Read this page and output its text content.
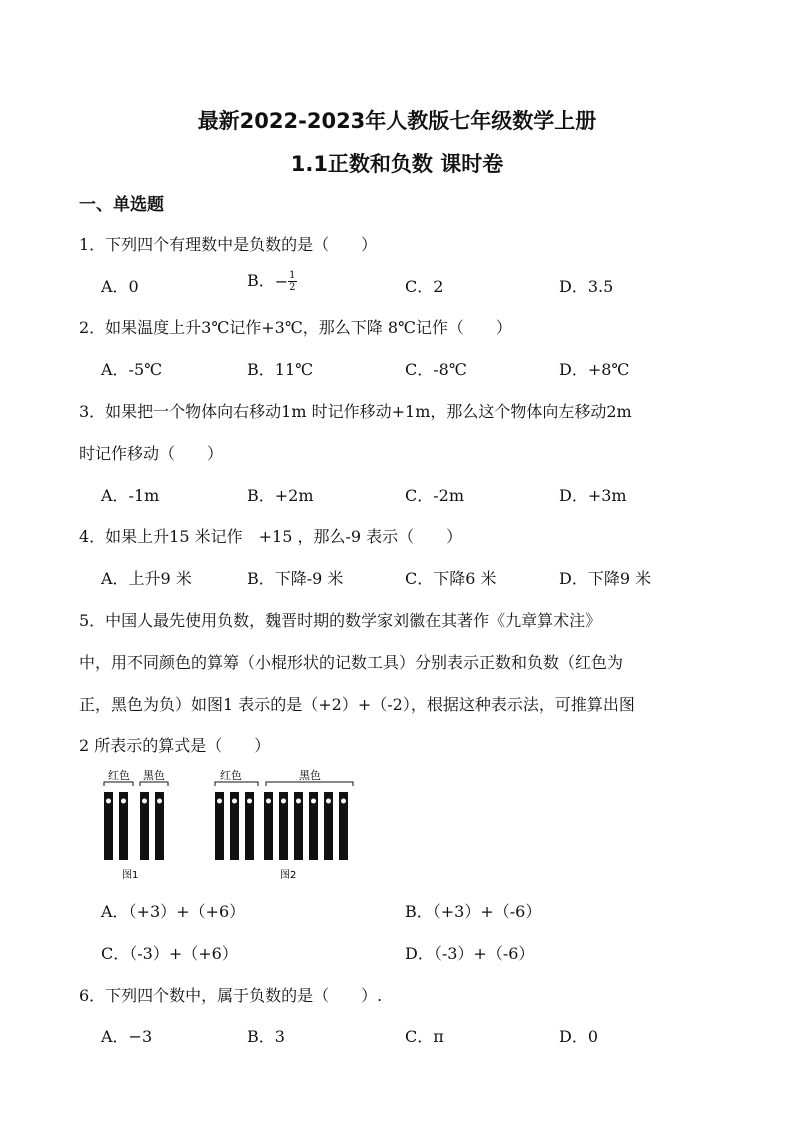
最新2022-2023年人教版七年级数学上册
1.1正数和负数 课时卷
一、单选题
1．下列四个有理数中是负数的是（　　）
A．0	B．− $\frac{1}{2}$	C．2	D．3.5
2．如果温度上升3℃记作+3℃，那么下降 8℃记作（　　）
A．-5℃	B．11℃	C．-8℃	D．+8℃
3．如果把一个物体向右移动1m 时记作移动+1m，那么这个物体向左移动2m
时记作移动（　　）
A．-1m	B．+2m	C．-2m	D．+3m
4．如果上升15 米记作　+15 ，那么-9 表示（　　）
A．上升9 米	B．下降-9 米	C．下降6 米	D．下降9 米
5．中国人最先使用负数，魏晋时期的数学家刘徽在其著作《九章算术注》
中，用不同颜色的算筹（小棍形状的记数工具）分别表示正数和负数（红色为
正，黑色为负）如图1 表示的是（+2）+（-2），根据这种表示法，可推算出图
2 所表示的算式是（　　）
红色 黑色
图1
红色	黑色
图2
A．（+3）+（+6）	B．（+3）+（-6）
C．（-3）+（+6）	D．（-3）+（-6）
6．下列四个数中，属于负数的是（　　）.
A．−3	B．3	C．π	D．0
